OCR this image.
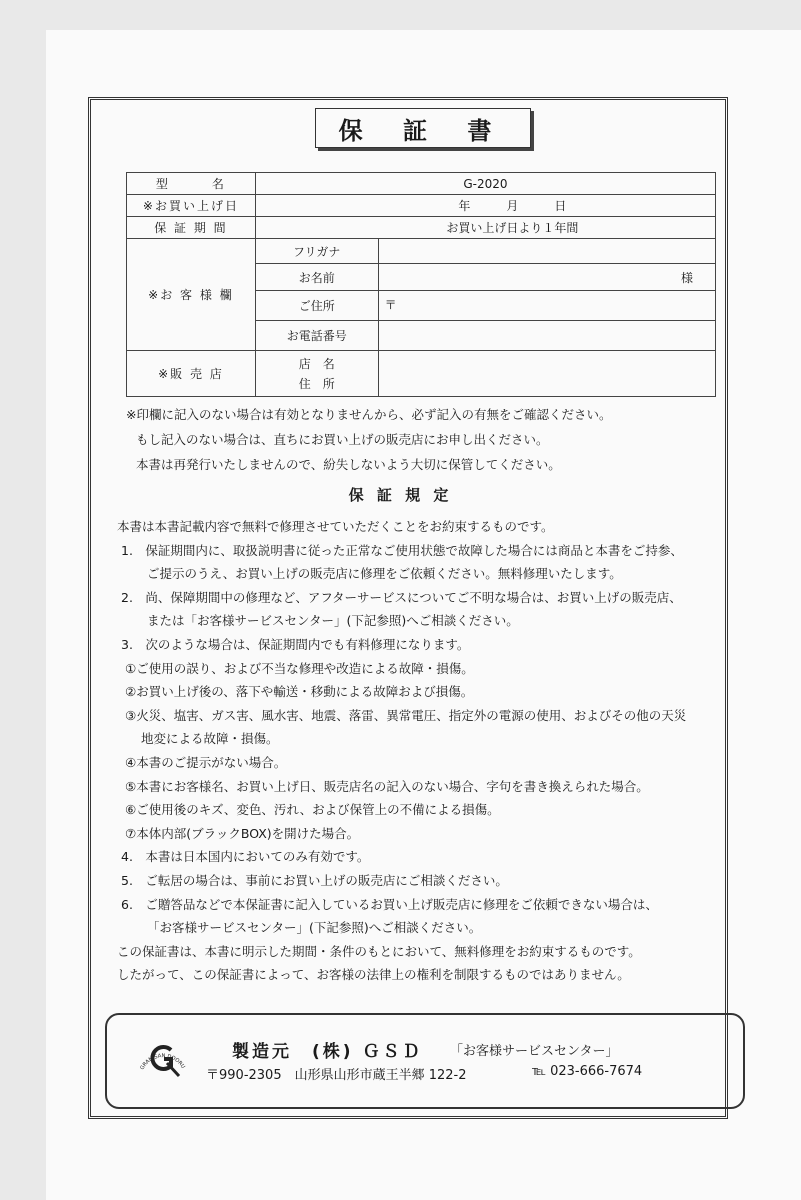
保 証 書
型　　　名	G-2020	
※お買い上げ日	年　　　月　　　日	
保 証 期 間	お買い上げ日より１年間	
※お 客 様 欄	フリガナ	
	お名前	様
	ご住所	〒
	お電話番号	
※販 売 店	店　名
住　所	

※印欄に記入のない場合は有効となりませんから、必ず記入の有無をご確認ください。
もし記入のない場合は、直ちにお買い上げの販売店にお申し出ください。
本書は再発行いたしませんので、紛失しないよう大切に保管してください。
保 証 規 定
本書は本書記載内容で無料で修理させていただくことをお約束するものです。
1.　保証期間内に、取扱説明書に従った正常なご使用状態で故障した場合には商品と本書をご持参、
ご提示のうえ、お買い上げの販売店に修理をご依頼ください。無料修理いたします。
2.　尚、保障期間中の修理など、アフターサービスについてご不明な場合は、お買い上げの販売店、
または「お客様サービスセンター」(下記参照)へご相談ください。
3.　次のような場合は、保証期間内でも有料修理になります。
①ご使用の誤り、および不当な修理や改造による故障・損傷。
②お買い上げ後の、落下や輸送・移動による故障および損傷。
③火災、塩害、ガス害、風水害、地震、落雷、異常電圧、指定外の電源の使用、およびその他の天災
地変による故障・損傷。
④本書のご提示がない場合。
⑤本書にお客様名、お買い上げ日、販売店名の記入のない場合、字句を書き換えられた場合。
⑥ご使用後のキズ、変色、汚れ、および保管上の不備による損傷。
⑦本体内部(ブラックBOX)を開けた場合。
4.　本書は日本国内においてのみ有効です。
5.　ご転居の場合は、事前にお買い上げの販売店にご相談ください。
6.　ご贈答品などで本保証書に記入しているお買い上げ販売店に修理をご依頼できない場合は、
「お客様サービスセンター」(下記参照)へご相談ください。
この保証書は、本書に明示した期間・条件のもとにおいて、無料修理をお約束するものです。
したがって、この保証書によって、お客様の法律上の権利を制限するものではありません。
GRAN SAN DOORU
製造元　(株) ＧＳＤ 「お客様サービスセンター」
〒990-2305　山形県山形市蔵王半郷 122-2	℡ 023-666-7674
